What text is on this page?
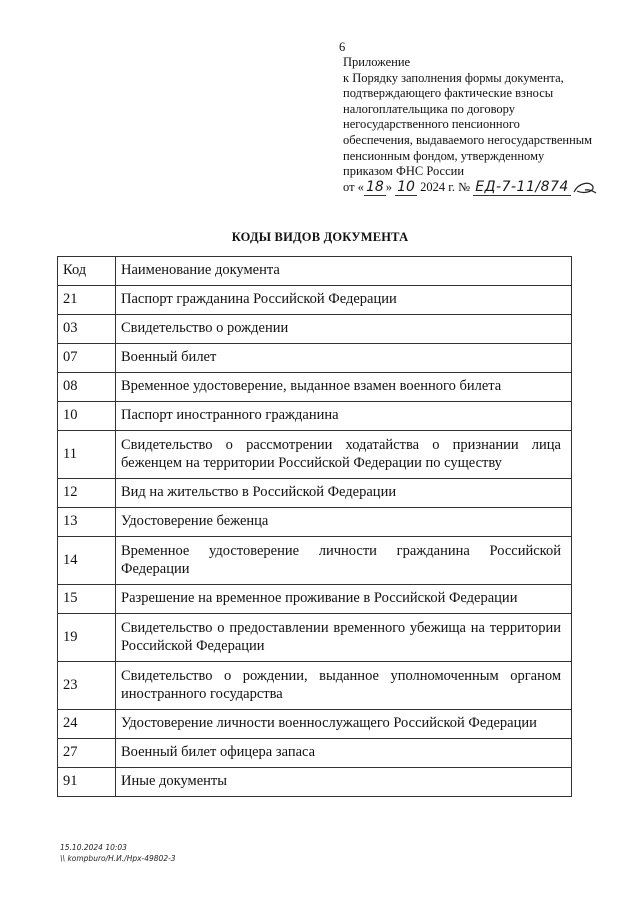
6
Приложение
к Порядку заполнения формы документа,
подтверждающего фактические взносы
налогоплательщика по договору
негосударственного пенсионного
обеспечения, выдаваемого негосударственным
пенсионным фондом, утвержденному
приказом ФНС России
от « 18 » 10 2024 г. № ЕД-7-11/874
КОДЫ ВИДОВ ДОКУМЕНТА
Код	Наименование документа
21	Паспорт гражданина Российской Федерации
03	Свидетельство о рождении
07	Военный билет
08	Временное удостоверение, выданное взамен военного билета
10	Паспорт иностранного гражданина
11	Свидетельство о рассмотрении ходатайства о признании лица беженцем на территории Российской Федерации по существу
12	Вид на жительство в Российской Федерации
13	Удостоверение беженца
14	Временное удостоверение личности гражданина Российской Федерации
15	Разрешение на временное проживание в Российской Федерации
19	Свидетельство о предоставлении временного убежища на территории Российской Федерации
23	Свидетельство о рождении, выданное уполномоченным органом иностранного государства
24	Удостоверение личности военнослужащего Российской Федерации
27	Военный билет офицера запаса
91	Иные документы
15.10.2024 10:03
\\ kompburo/Н.И./Нрх-49802-3
